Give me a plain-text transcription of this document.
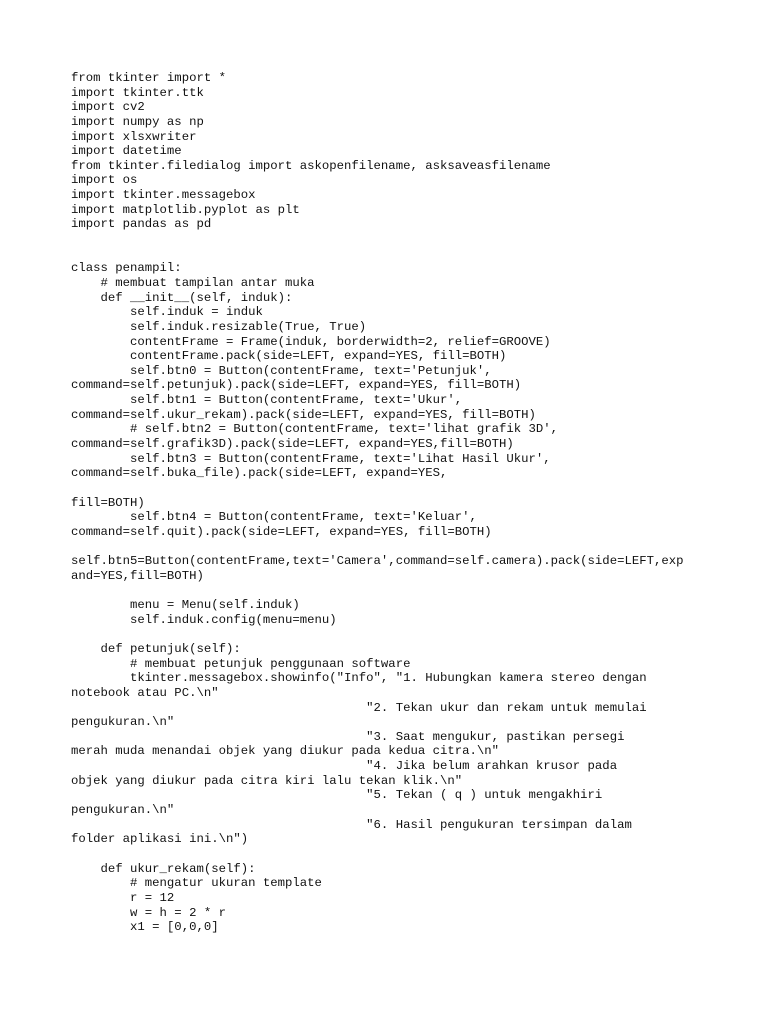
from tkinter import *
import tkinter.ttk
import cv2
import numpy as np
import xlsxwriter
import datetime
from tkinter.filedialog import askopenfilename, asksaveasfilename
import os
import tkinter.messagebox
import matplotlib.pyplot as plt
import pandas as pd
class penampil:
# membuat tampilan antar muka
def __init__(self, induk):
self.induk = induk
self.induk.resizable(True, True)
contentFrame = Frame(induk, borderwidth=2, relief=GROOVE)
contentFrame.pack(side=LEFT, expand=YES, fill=BOTH)
self.btn0 = Button(contentFrame, text='Petunjuk',
command=self.petunjuk).pack(side=LEFT, expand=YES, fill=BOTH)
self.btn1 = Button(contentFrame, text='Ukur',
command=self.ukur_rekam).pack(side=LEFT, expand=YES, fill=BOTH)
# self.btn2 = Button(contentFrame, text='lihat grafik 3D',
command=self.grafik3D).pack(side=LEFT, expand=YES,fill=BOTH)
self.btn3 = Button(contentFrame, text='Lihat Hasil Ukur',
command=self.buka_file).pack(side=LEFT, expand=YES,
fill=BOTH)
self.btn4 = Button(contentFrame, text='Keluar',
command=self.quit).pack(side=LEFT, expand=YES, fill=BOTH)
self.btn5=Button(contentFrame,text='Camera',command=self.camera).pack(side=LEFT,exp
and=YES,fill=BOTH)
menu = Menu(self.induk)
self.induk.config(menu=menu)
def petunjuk(self):
# membuat petunjuk penggunaan software
tkinter.messagebox.showinfo("Info", "1. Hubungkan kamera stereo dengan
notebook atau PC.\n"
"2. Tekan ukur dan rekam untuk memulai
pengukuran.\n"
"3. Saat mengukur, pastikan persegi
merah muda menandai objek yang diukur pada kedua citra.\n"
"4. Jika belum arahkan krusor pada
objek yang diukur pada citra kiri lalu tekan klik.\n"
"5. Tekan ( q ) untuk mengakhiri
pengukuran.\n"
"6. Hasil pengukuran tersimpan dalam
folder aplikasi ini.\n")
def ukur_rekam(self):
# mengatur ukuran template
r = 12
w = h = 2 * r
x1 = [0,0,0]
